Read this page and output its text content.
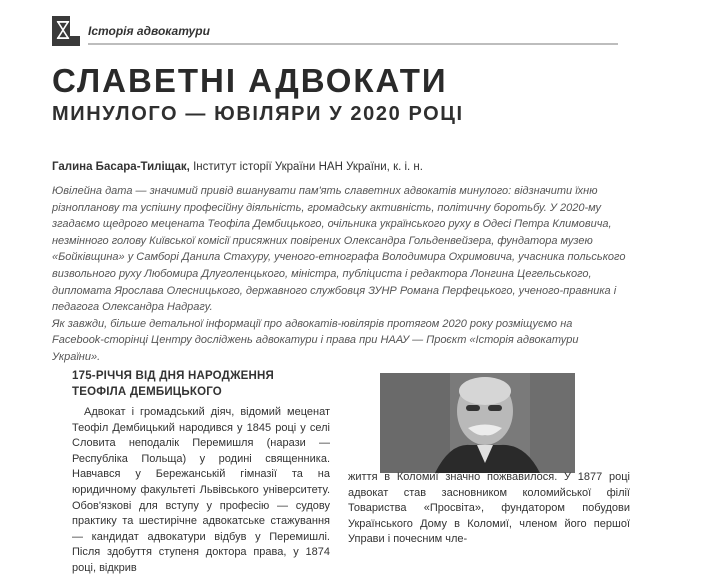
Історія адвокатури
СЛАВЕТНІ АДВОКАТИ
МИНУЛОГО — ЮВІЛЯРИ У 2020 РОЦІ
Галина Басара-Тиліщак, Інститут історії України НАН України, к. і. н.

Ювілейна дата — значимий привід вшанувати пам'ять славетних адвокатів минулого: відзначити їхню різнопланову та успішну професійну діяльність, громадську активність, політичну боротьбу. У 2020-му згадаємо щедрого мецената Теофіла Дембицького, очільника українського руху в Одесі Петра Климовича, незмінного голову Київської комісії присяжних повірених Олександра Гольденвейзера, фундатора музею «Бойківщина» у Самборі Данила Стахуру, ученого-етнографа Володимира Охримовича, учасника польського визвольного руху Любомира Длуголенцького, міністра, публіциста і редактора Лонгина Цегельського, дипломата Ярослава Олесницького, державного службовця ЗУНР Романа Перфецького, ученого-правника і педагога Олександра Надрагу.

Як завжди, більше детальної інформації про адвокатів-ювілярів протягом 2020 року розміщуємо на Facebook-сторінці Центру досліджень адвокатури і права при НААУ — Проєкт «Історія адвокатури України».

175-РІЧЧЯ ВІД ДНЯ НАРОДЖЕННЯ ТЕОФІЛА ДЕМБИЦЬКОГО

Адвокат і громадський діяч, відомий меценат Теофіл Дембицький народився у 1845 році у селі Словита неподалік Перемишля (нарази — Республіка Польща) у родині священника. Навчався у Бережанській гімназії та на юридичному факультеті Львівського університету. Обов'язкові для вступу у професію — судову практику та шестирічне адвокатське стажування — кандидат адвокатури відбув у Перемишлі. Після здобуття ступеня доктора права, у 1874 році, відкрив

життя в Коломиї значно пожвавилося. У 1877 році адвокат став засновником коломийської філії Товариства «Просвіта», фундатором побудови Українського Дому в Коломиї, членом його першої Управи і почесним чле-
